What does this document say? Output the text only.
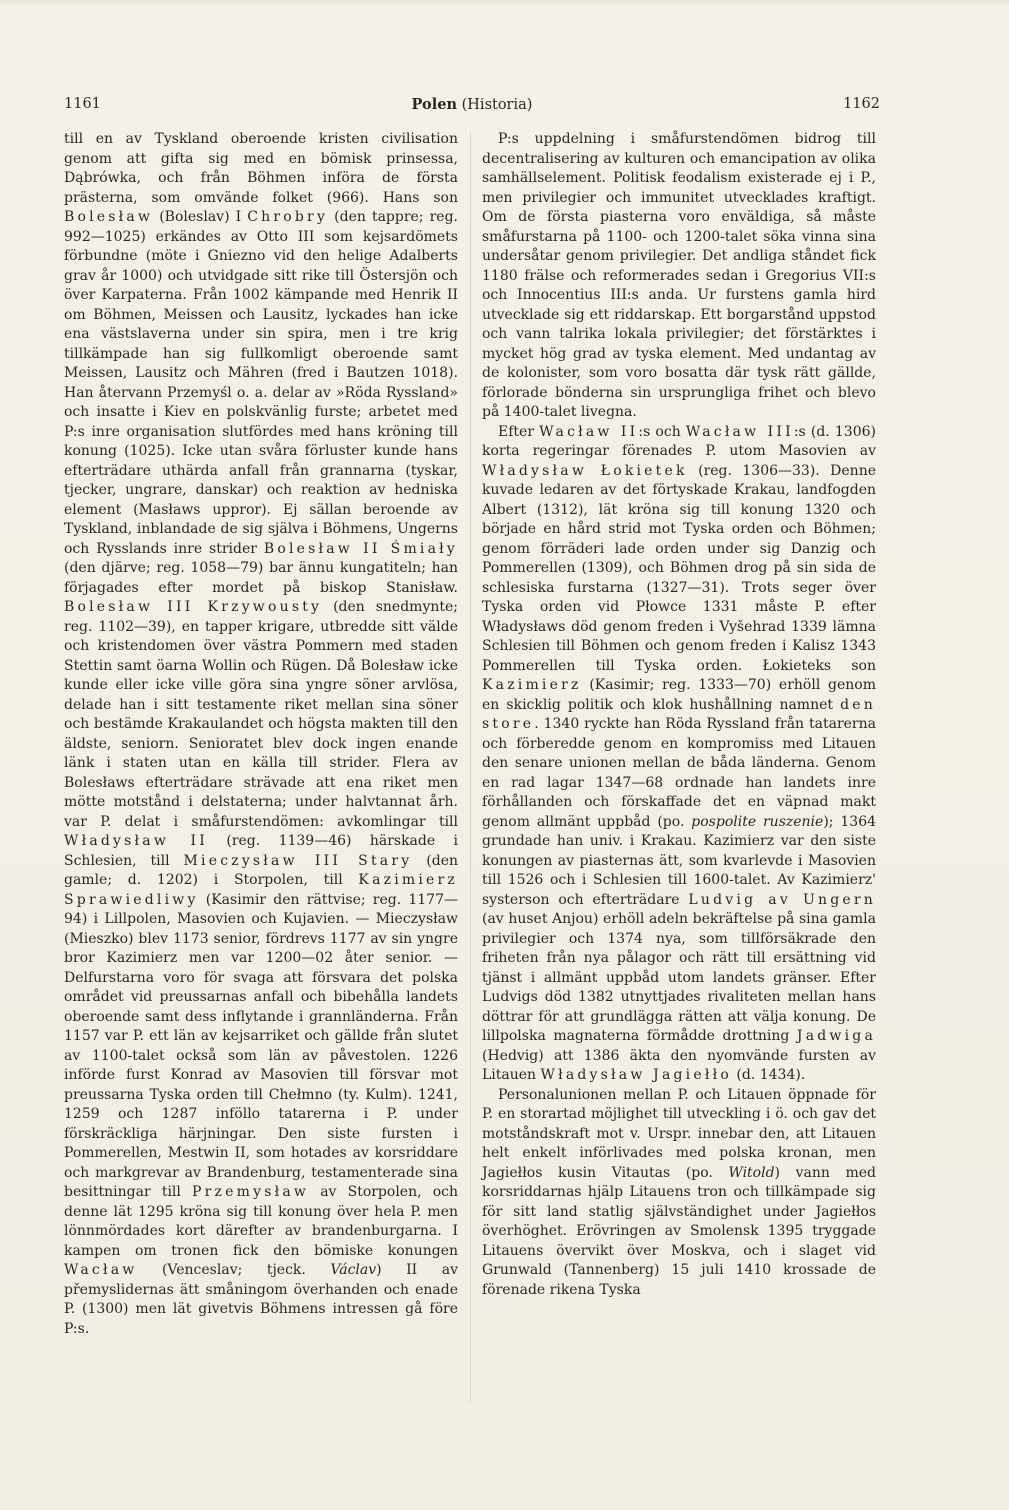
1161	Polen (Historia)	1162

till en av Tyskland oberoende kristen civilisation genom att gifta sig med en bömisk prinsessa, Dąbrówka, och från Böhmen införa de första prästerna, som omvände folket (966). Hans son Bolesław (Boleslav) I Chrobry (den tappre; reg. 992—1025) erkändes av Otto III som kejsardömets förbundne (möte i Gniezno vid den helige Adalberts grav år 1000) och utvidgade sitt rike till Östersjön och över Karpaterna. Från 1002 kämpande med Henrik II om Böhmen, Meissen och Lausitz, lyckades han icke ena västslaverna under sin spira, men i tre krig tillkämpade han sig fullkomligt oberoende samt Meissen, Lausitz och Mähren (fred i Bautzen 1018). Han återvann Przemyśl o. a. delar av »Röda Ryssland» och insatte i Kiev en polskvänlig furste; arbetet med P:s inre organisation slutfördes med hans kröning till konung (1025). Icke utan svåra förluster kunde hans efterträdare uthärda anfall från grannarna (tyskar, tjecker, ungrare, danskar) och reaktion av hedniska element (Masławs uppror). Ej sällan beroende av Tyskland, inblandade de sig själva i Böhmens, Ungerns och Rysslands inre strider Bolesław II Śmiały (den djärve; reg. 1058—79) bar ännu kungatiteln; han förjagades efter mordet på biskop Stanisław. Bolesław III Krzywousty (den snedmynte; reg. 1102—39), en tapper krigare, utbredde sitt välde och kristendomen över västra Pommern med staden Stettin samt öarna Wollin och Rügen. Då Bolesław icke kunde eller icke ville göra sina yngre söner arvlösa, delade han i sitt testamente riket mellan sina söner och bestämde Krakaulandet och högsta makten till den äldste, seniorn. Senioratet blev dock ingen enande länk i staten utan en källa till strider. Flera av Bolesławs efterträdare strävade att ena riket men mötte motstånd i delstaterna; under halvtannat årh. var P. delat i småfurstendömen: avkomlingar till Władysław II (reg. 1139—46) härskade i Schlesien, till Mieczysław III Stary (den gamle; d. 1202) i Storpolen, till Kazimierz Sprawiedliwy (Kasimir den rättvise; reg. 1177—94) i Lillpolen, Masovien och Kujavien. — Mieczysław (Mieszko) blev 1173 senior, fördrevs 1177 av sin yngre bror Kazimierz men var 1200—02 åter senior. — Delfurstarna voro för svaga att försvara det polska området vid preussarnas anfall och bibehålla landets oberoende samt dess inflytande i grannländerna. Från 1157 var P. ett län av kejsarriket och gällde från slutet av 1100-talet också som län av påvestolen. 1226 införde furst Konrad av Masovien till försvar mot preussarna Tyska orden till Chełmno (ty. Kulm). 1241, 1259 och 1287 inföllo tatarerna i P. under förskräckliga härjningar. Den siste fursten i Pommerellen, Mestwin II, som hotades av korsriddare och markgrevar av Brandenburg, testamenterade sina besittningar till Przemysław av Storpolen, och denne lät 1295 kröna sig till konung över hela P. men lönnmördades kort därefter av brandenburgarna. I kampen om tronen fick den bömiske konungen Wacław (Venceslav; tjeck. Václav) II av přemyslidernas ätt småningom överhanden och enade P. (1300) men lät givetvis Böhmens intressen gå före P:s.

P:s uppdelning i småfurstendömen bidrog till decentralisering av kulturen och emancipation av olika samhällselement. Politisk feodalism existerade ej i P., men privilegier och immunitet utvecklades kraftigt. Om de första piasterna voro enväldiga, så måste småfurstarna på 1100- och 1200-talet söka vinna sina undersåtar genom privilegier. Det andliga ståndet fick 1180 frälse och reformerades sedan i Gregorius VII:s och Innocentius III:s anda. Ur furstens gamla hird utvecklade sig ett riddarskap. Ett borgarstånd uppstod och vann talrika lokala privilegier; det förstärktes i mycket hög grad av tyska element. Med undantag av de kolonister, som voro bosatta där tysk rätt gällde, förlorade bönderna sin ursprungliga frihet och blevo på 1400-talet livegna.

Efter Wacław II:s och Wacław III:s (d. 1306) korta regeringar förenades P. utom Masovien av Władysław Łokietek (reg. 1306—33). Denne kuvade ledaren av det förtyskade Krakau, landfogden Albert (1312), lät kröna sig till konung 1320 och började en hård strid mot Tyska orden och Böhmen; genom förräderi lade orden under sig Danzig och Pommerellen (1309), och Böhmen drog på sin sida de schlesiska furstarna (1327—31). Trots seger över Tyska orden vid Płowce 1331 måste P. efter Władysławs död genom freden i Vyšehrad 1339 lämna Schlesien till Böhmen och genom freden i Kalisz 1343 Pommerellen till Tyska orden. Łokieteks son Kazimierz (Kasimir; reg. 1333—70) erhöll genom en skicklig politik och klok hushållning namnet den store. 1340 ryckte han Röda Ryssland från tatarerna och förberedde genom en kompromiss med Litauen den senare unionen mellan de båda länderna. Genom en rad lagar 1347—68 ordnade han landets inre förhållanden och förskaffade det en väpnad makt genom allmänt uppbåd (po. pospolite ruszenie); 1364 grundade han univ. i Krakau. Kazimierz var den siste konungen av piasternas ätt, som kvarlevde i Masovien till 1526 och i Schlesien till 1600-talet. Av Kazimierz' systerson och efterträdare Ludvig av Ungern (av huset Anjou) erhöll adeln bekräftelse på sina gamla privilegier och 1374 nya, som tillförsäkrade den friheten från nya pålagor och rätt till ersättning vid tjänst i allmänt uppbåd utom landets gränser. Efter Ludvigs död 1382 utnyttjades rivaliteten mellan hans döttrar för att grundlägga rätten att välja konung. De lillpolska magnaterna förmådde drottning Jadwiga (Hedvig) att 1386 äkta den nyomvände fursten av Litauen Władysław Jagiełło (d. 1434).

Personalunionen mellan P. och Litauen öppnade för P. en storartad möjlighet till utveckling i ö. och gav det motståndskraft mot v. Urspr. innebar den, att Litauen helt enkelt införlivades med polska kronan, men Jagiełłos kusin Vitautas (po. Witold) vann med korsriddarnas hjälp Litauens tron och tillkämpade sig för sitt land statlig självständighet under Jagiełłos överhöghet. Erövringen av Smolensk 1395 tryggade Litauens övervikt över Moskva, och i slaget vid Grunwald (Tannenberg) 15 juli 1410 krossade de förenade rikena Tyska
